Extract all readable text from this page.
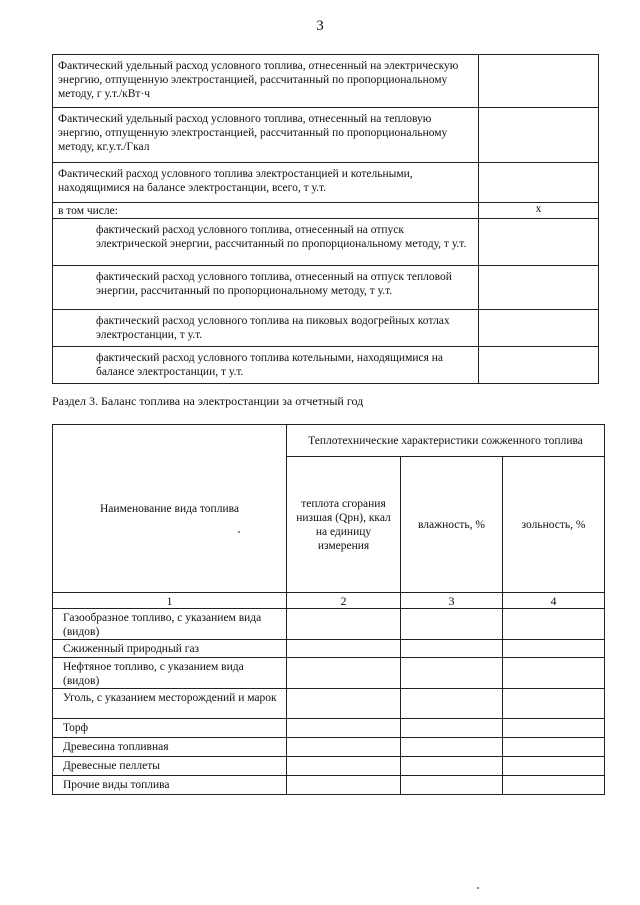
3
Фактический удельный расход условного топлива, отнесенный на электрическую энергию, отпущенную электростанцией, рассчитанный по пропорциональному методу, г у.т./кВт·ч	
Фактический удельный расход условного топлива, отнесенный на тепловую энергию, отпущенную электростанцией, рассчитанный по пропорциональному методу, кг.у.т./Гкал	
Фактический расход условного топлива электростанцией и котельными, находящимися на балансе электростанции, всего, т у.т.	
в том числе:	х
фактический расход условного топлива, отнесенный на отпуск электрической энергии, рассчитанный по пропорциональному методу, т у.т.	
фактический расход условного топлива, отнесенный на отпуск тепловой энергии, рассчитанный по пропорциональному методу, т у.т.	
фактический расход условного топлива на пиковых водогрейных котлах электростанции, т у.т.	
фактический расход условного топлива котельными, находящимися на балансе электростанции, т у.т.	
Раздел 3. Баланс топлива на электростанции за отчетный год
Наименование вида топлива	Теплотехнические характеристики сожженного топлива		
	теплота сгорания низшая (Qрн), ккал на единицу измерения	влажность, %	зольность, %
1	2	3	4
Газообразное топливо, с указанием вида (видов)			
Сжиженный природный газ			
Нефтяное топливо, с указанием вида (видов)			
Уголь, с указанием месторождений и марок			
Торф			
Древесина топливная			
Древесные пеллеты			
Прочие виды топлива			
